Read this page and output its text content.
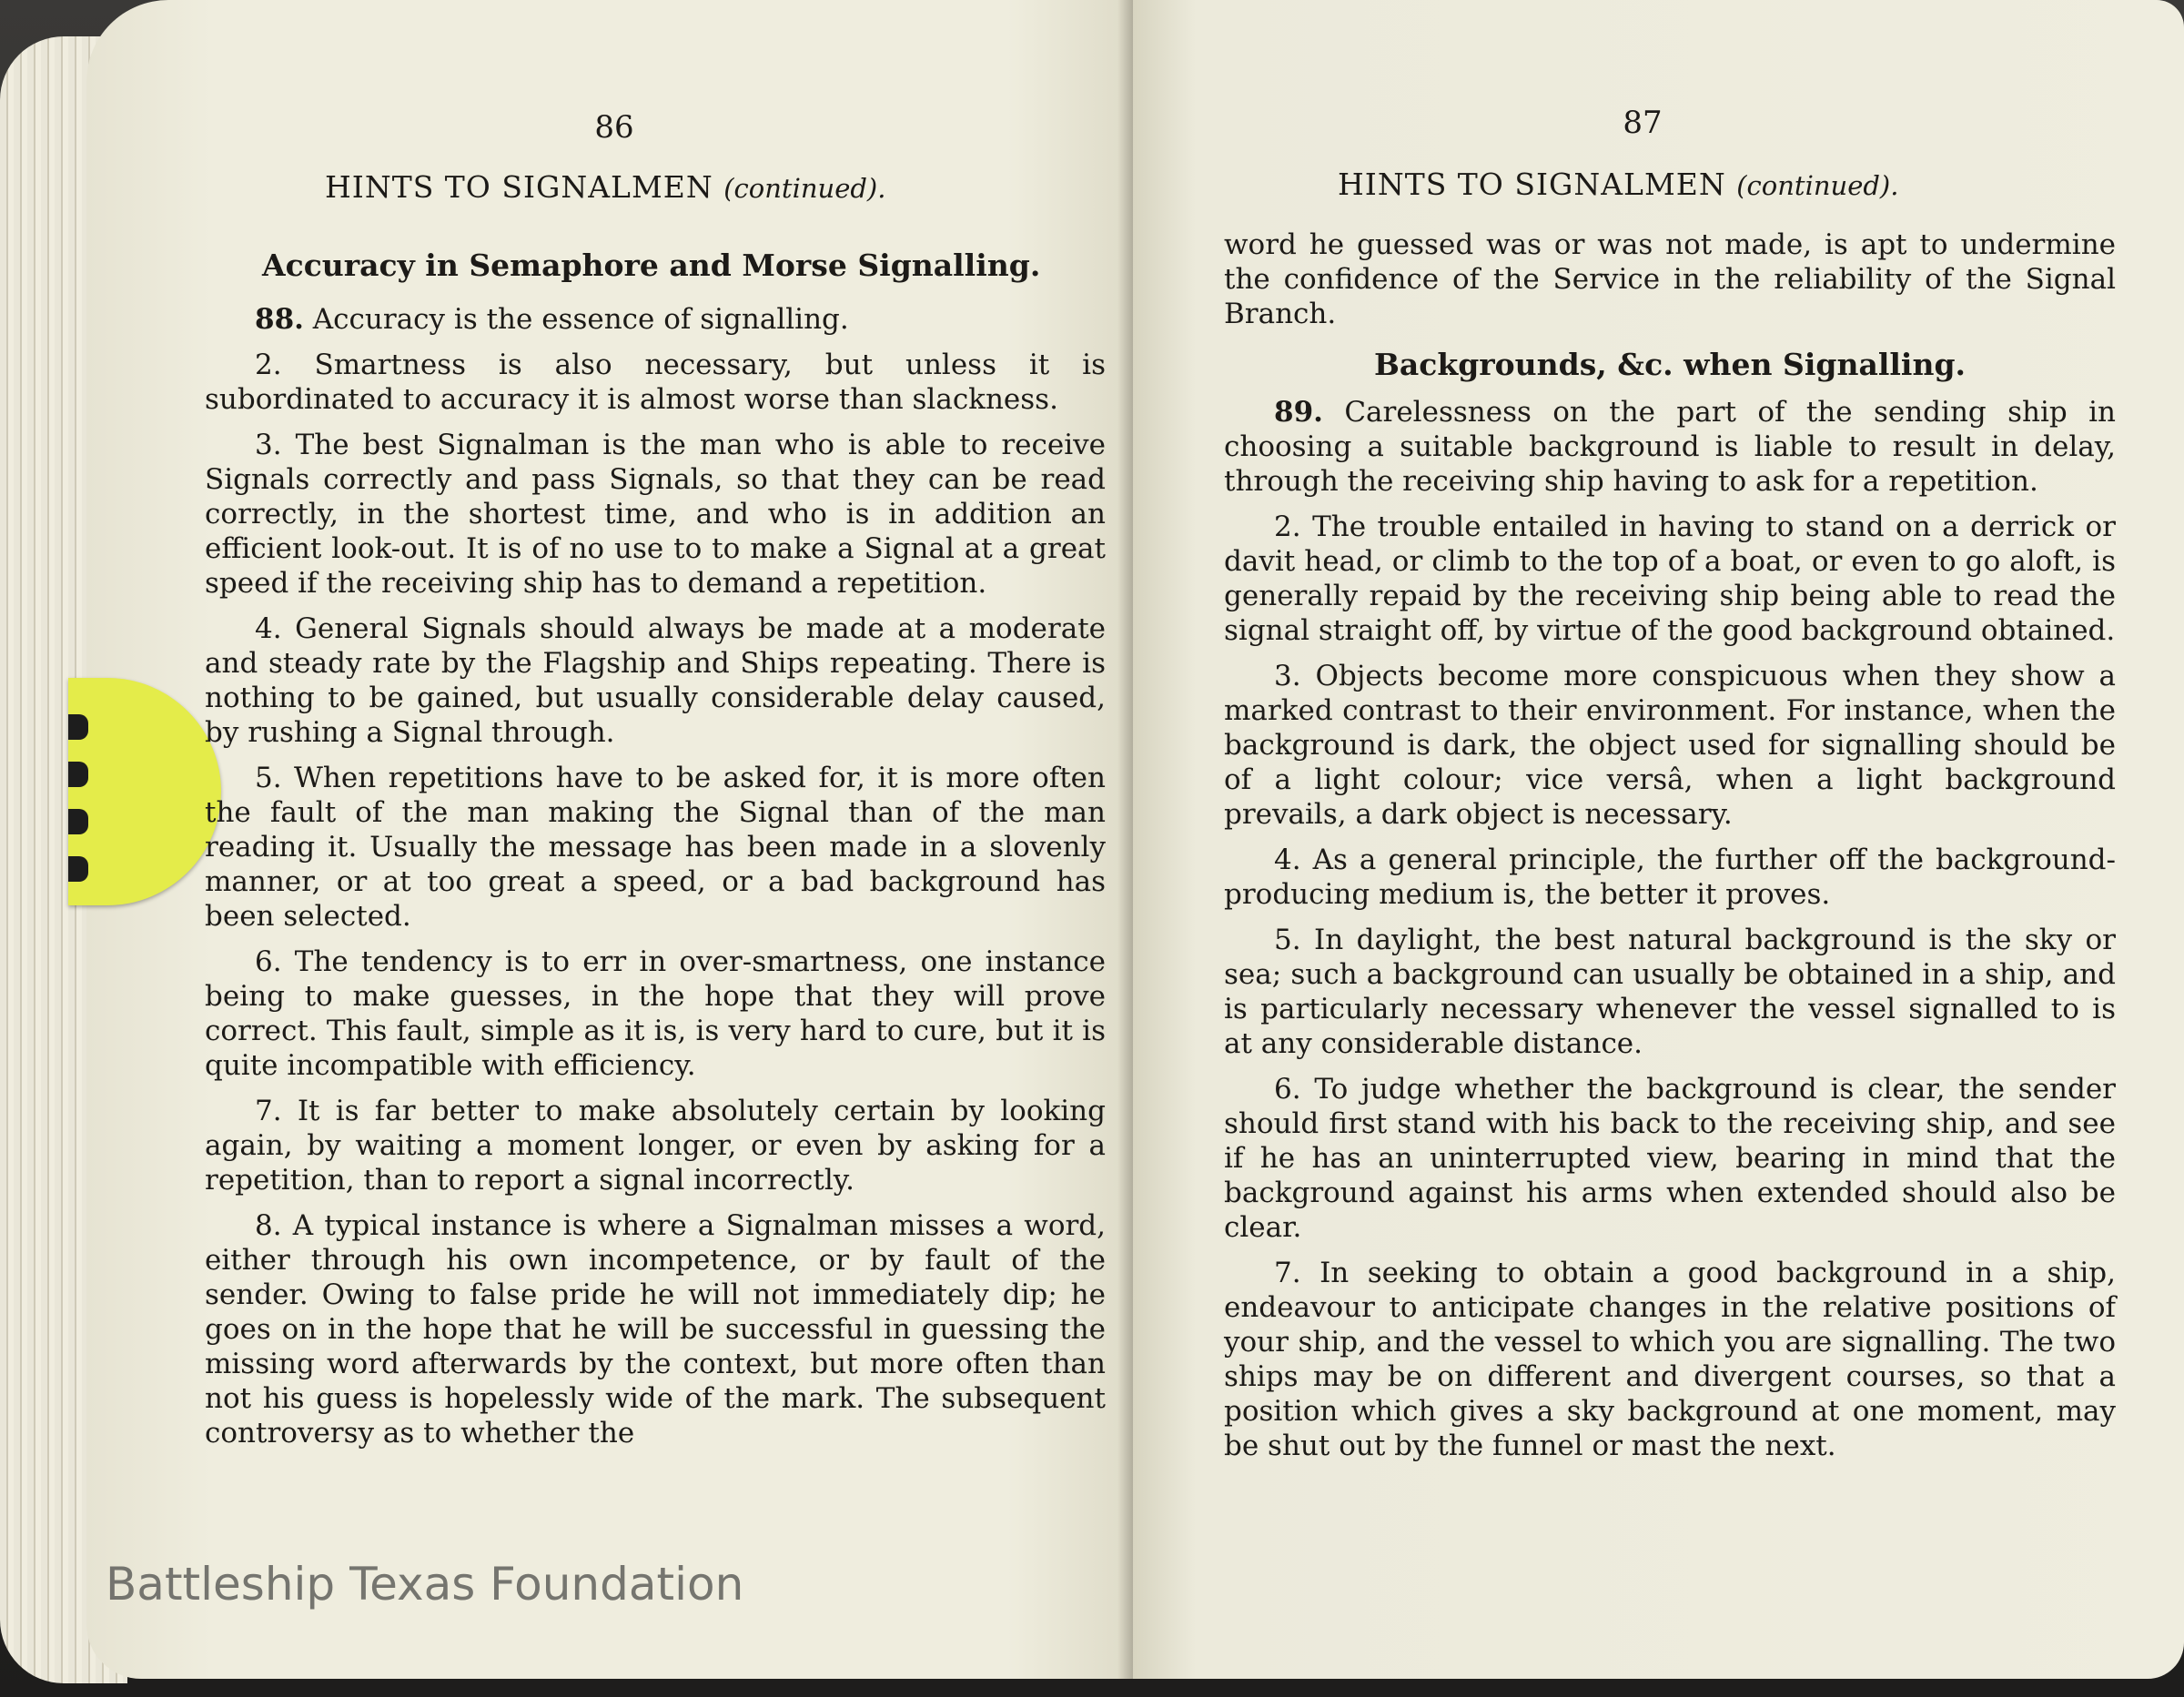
86
HINTS TO SIGNALMEN (continued).
Accuracy in Semaphore and Morse Signalling.

88. Accuracy is the essence of signalling.

2. Smartness is also necessary, but unless it is subordinated to accuracy it is almost worse than slackness.

3. The best Signalman is the man who is able to receive Signals correctly and pass Signals, so that they can be read correctly, in the shortest time, and who is in addition an efficient look-out. It is of no use to to make a Signal at a great speed if the receiving ship has to demand a repetition.

4. General Signals should always be made at a moderate and steady rate by the Flagship and Ships repeating. There is nothing to be gained, but usually considerable delay caused, by rushing a Signal through.

5. When repetitions have to be asked for, it is more often the fault of the man making the Signal than of the man reading it. Usually the message has been made in a slovenly manner, or at too great a speed, or a bad background has been selected.

6. The tendency is to err in over-smartness, one instance being to make guesses, in the hope that they will prove correct. This fault, simple as it is, is very hard to cure, but it is quite incompatible with efficiency.

7. It is far better to make absolutely certain by looking again, by waiting a moment longer, or even by asking for a repetition, than to report a signal incorrectly.

8. A typical instance is where a Signalman misses a word, either through his own incompetence, or by fault of the sender. Owing to false pride he will not immediately dip; he goes on in the hope that he will be successful in guessing the missing word afterwards by the context, but more often than not his guess is hopelessly wide of the mark. The subsequent controversy as to whether the

87
HINTS TO SIGNALMEN (continued).

word he guessed was or was not made, is apt to undermine the confidence of the Service in the reliability of the Signal Branch.

Backgrounds, &c. when Signalling.

89. Carelessness on the part of the sending ship in choosing a suitable background is liable to result in delay, through the receiving ship having to ask for a repetition.

2. The trouble entailed in having to stand on a derrick or davit head, or climb to the top of a boat, or even to go aloft, is generally repaid by the receiving ship being able to read the signal straight off, by virtue of the good background obtained.

3. Objects become more conspicuous when they show a marked contrast to their environment. For instance, when the background is dark, the object used for signalling should be of a light colour; vice versâ, when a light background prevails, a dark object is necessary.

4. As a general principle, the further off the background-producing medium is, the better it proves.

5. In daylight, the best natural background is the sky or sea; such a background can usually be obtained in a ship, and is particularly necessary whenever the vessel signalled to is at any considerable distance.

6. To judge whether the background is clear, the sender should first stand with his back to the receiving ship, and see if he has an uninterrupted view, bearing in mind that the background against his arms when extended should also be clear.

7. In seeking to obtain a good background in a ship, endeavour to anticipate changes in the relative positions of your ship, and the vessel to which you are signalling. The two ships may be on different and divergent courses, so that a position which gives a sky background at one moment, may be shut out by the funnel or mast the next.

Battleship Texas Foundation
